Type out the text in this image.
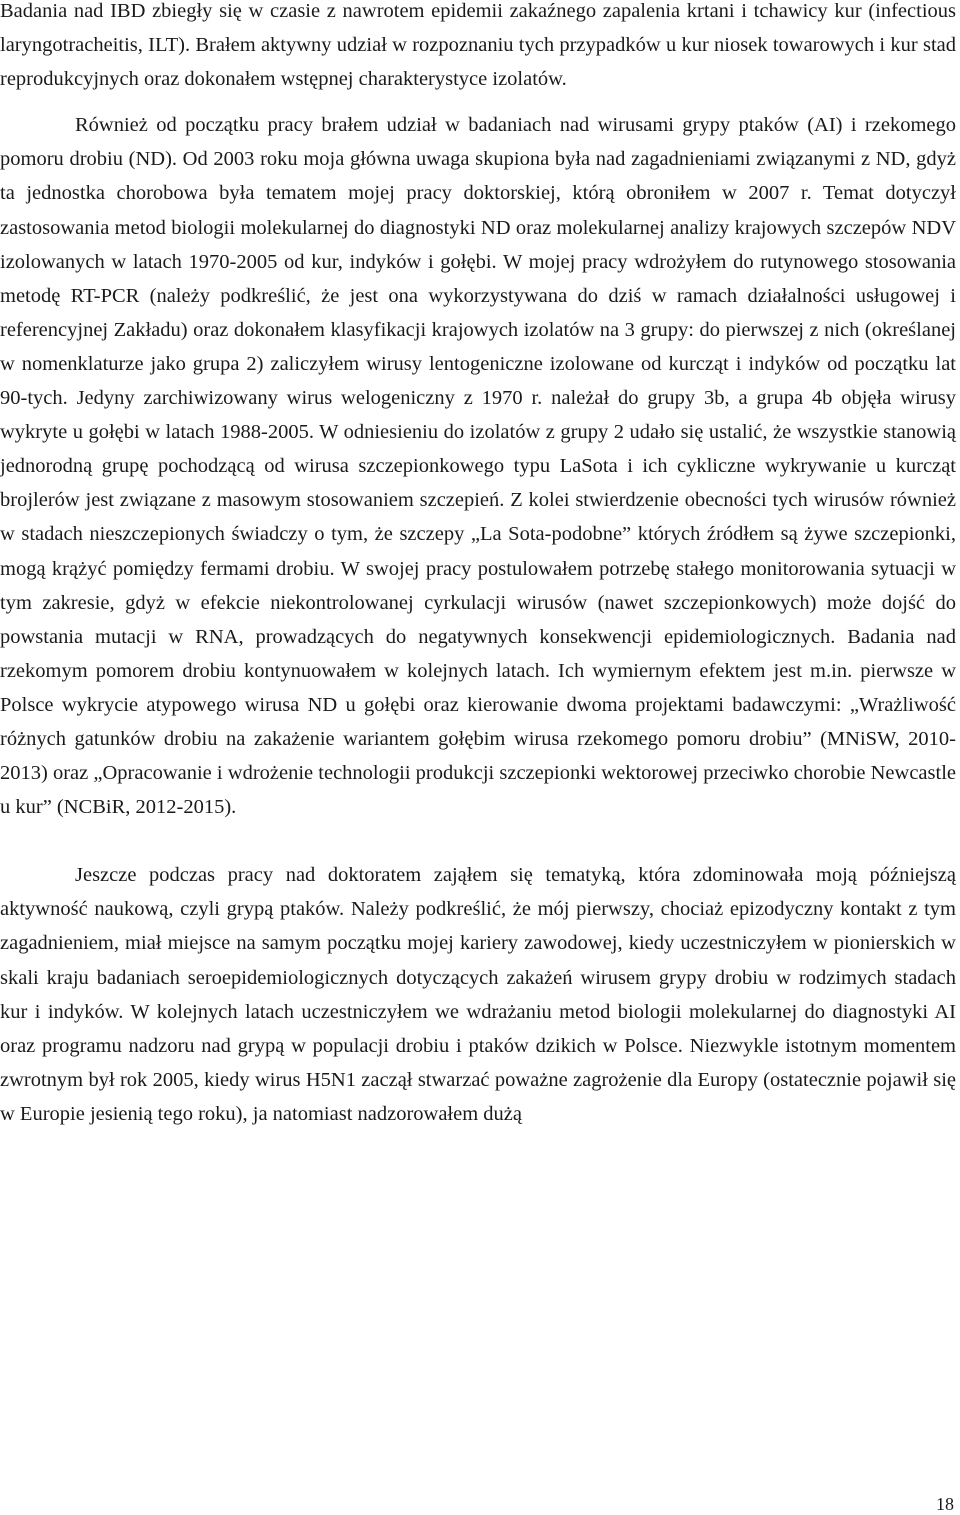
Badania nad IBD zbiegły się w czasie z nawrotem epidemii zakaźnego zapalenia krtani i tchawicy kur (infectious laryngotracheitis, ILT). Brałem aktywny udział w rozpoznaniu tych przypadków u kur niosek towarowych i kur stad reprodukcyjnych oraz dokonałem wstępnej charakterystyce izolatów.

Również od początku pracy brałem udział w badaniach nad wirusami grypy ptaków (AI) i rzekomego pomoru drobiu (ND). Od 2003 roku moja główna uwaga skupiona była nad zagadnieniami związanymi z ND, gdyż ta jednostka chorobowa była tematem mojej pracy doktorskiej, którą obroniłem w 2007 r. Temat dotyczył zastosowania metod biologii molekularnej do diagnostyki ND oraz molekularnej analizy krajowych szczepów NDV izolowanych w latach 1970-2005 od kur, indyków i gołębi. W mojej pracy wdrożyłem do rutynowego stosowania metodę RT-PCR (należy podkreślić, że jest ona wykorzystywana do dziś w ramach działalności usługowej i referencyjnej Zakładu) oraz dokonałem klasyfikacji krajowych izolatów na 3 grupy: do pierwszej z nich (określanej w nomenklaturze jako grupa 2) zaliczyłem wirusy lentogeniczne izolowane od kurcząt i indyków od początku lat 90-tych. Jedyny zarchiwizowany wirus welogeniczny z 1970 r. należał do grupy 3b, a grupa 4b objęła wirusy wykryte u gołębi w latach 1988-2005. W odniesieniu do izolatów z grupy 2 udało się ustalić, że wszystkie stanowią jednorodną grupę pochodzącą od wirusa szczepionkowego typu LaSota i ich cykliczne wykrywanie u kurcząt brojlerów jest związane z masowym stosowaniem szczepień. Z kolei stwierdzenie obecności tych wirusów również w stadach nieszczepionych świadczy o tym, że szczepy „La Sota-podobne” których źródłem są żywe szczepionki, mogą krążyć pomiędzy fermami drobiu. W swojej pracy postulowałem potrzebę stałego monitorowania sytuacji w tym zakresie, gdyż w efekcie niekontrolowanej cyrkulacji wirusów (nawet szczepionkowych) może dojść do powstania mutacji w RNA, prowadzących do negatywnych konsekwencji epidemiologicznych. Badania nad rzekomym pomorem drobiu kontynuowałem w kolejnych latach. Ich wymiernym efektem jest m.in. pierwsze w Polsce wykrycie atypowego wirusa ND u gołębi oraz kierowanie dwoma projektami badawczymi: „Wrażliwość różnych gatunków drobiu na zakażenie wariantem gołębim wirusa rzekomego pomoru drobiu” (MNiSW, 2010-2013) oraz „Opracowanie i wdrożenie technologii produkcji szczepionki wektorowej przeciwko chorobie Newcastle u kur” (NCBiR, 2012-2015).

Jeszcze podczas pracy nad doktoratem zająłem się tematyką, która zdominowała moją późniejszą aktywność naukową, czyli grypą ptaków. Należy podkreślić, że mój pierwszy, chociaż epizodyczny kontakt z tym zagadnieniem, miał miejsce na samym początku mojej kariery zawodowej, kiedy uczestniczyłem w pionierskich w skali kraju badaniach seroepidemiologicznych dotyczących zakażeń wirusem grypy drobiu w rodzimych stadach kur i indyków. W kolejnych latach uczestniczyłem we wdrażaniu metod biologii molekularnej do diagnostyki AI oraz programu nadzoru nad grypą w populacji drobiu i ptaków dzikich w Polsce. Niezwykle istotnym momentem zwrotnym był rok 2005, kiedy wirus H5N1 zaczął stwarzać poważne zagrożenie dla Europy (ostatecznie pojawił się w Europie jesienią tego roku), ja natomiast nadzorowałem dużą

18
